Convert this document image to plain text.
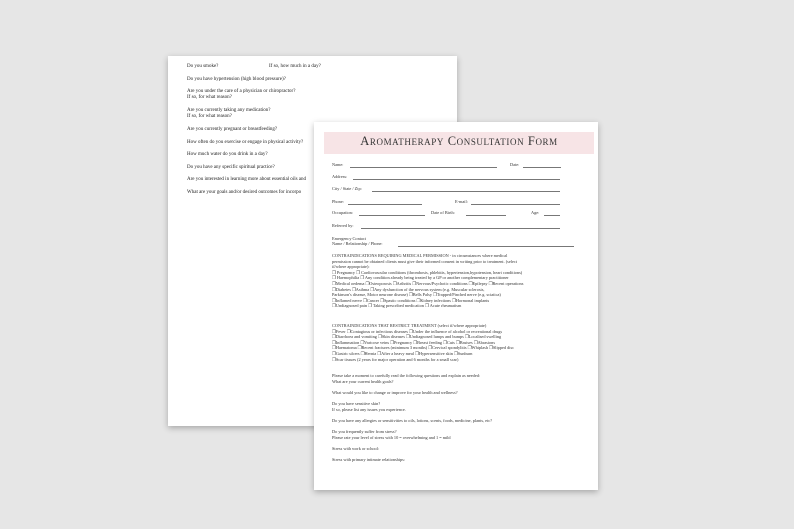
Do you smoke?	If so, how much in a day?
Do you have hypertension (high blood pressure)?
Are you under the care of a physician or chiropractor?
If so, for what reason?
Are you currently taking any medication?
If so, for what reason?
Are you currently pregnant or breastfeeding?
How often do you exercise or engage in physical activity?
How much water do you drink in a day?
Do you have any specific spiritual practice?
Are you interested in learning more about essential oils and
What are your goals and/or desired outcomes for incorpo
Aromatherapy Consultation Form
Name:	Date:
Address:
City / State / Zip:
Phone:	E-mail:
Occupation:	Date of Birth:	Age:
Referred by:
Emergency Contact
Name / Relationship / Phone:
CONTRAINDICATIONS REQUIRING MEDICAL PERMISSION - in circumstances where medical
permission cannot be obtained clients must give their informed consent in writing prior to treatment. (select
if/where appropriate):
❐ Pregnancy ❐ Cardiovascular conditions (thrombosis, phlebitis, hypertension,hypotension, heart conditions)
❐ Haemophilia ❐ Any condition already being treated by a GP or another complementary practitioner
❐Medical oedema ❐Osteoporosis ❐Arthritis ❐Nervous/Psychotic conditions ❐Epilepsy ❐Recent operations
❐Diabetes ❐Asthma ❐Any dysfunction of the nervous system (e.g. Muscular sclerosis,
Parkinson's disease, Motor neurone disease) ❐Bells Palsy ❐Trapped/Pinched nerve (e.g. sciatica)
❐Inflamed nerve ❐Cancer ❐Spastic conditions ❐Kidney infections ❐Hormonal implants
❐Undiagnosed pain ❐ Taking prescribed medication ❐ Acute rheumatism
CONTRAINDICATIONS THAT RESTRICT TREATMENT (select if/where appropriate)
❐Fever ❐Contagious or infectious diseases ❐Under the influence of alcohol or recreational drugs
❐Diarrhoea and vomiting ❐Skin diseases ❐Undiagnosed lumps and bumps ❐Localised swelling
❐Inflammation ❐Varicose veins ❐Pregnancy ❐Breast feeding ❐Cuts ❐Bruises ❐Abrasions
❐Haematoma ❐Recent fractures (minimum 3 months) ❐Cervical spondylitis ❐Whiplash ❐Slipped disc
❐Gastric ulcers ❐Hernia ❐After a heavy meal ❐Hypersensitive skin ❐Sunburn
❐Scar tissues (2 years for major operation and 6 months for a small scar)
Please take a moment to carefully read the following questions and explain as needed:
What are your current health goals?
What would you like to change or improve for your health and wellness?
Do you have sensitive skin?
If so, please list any issues you experience.
Do you have any allergies or sensitivities to oils, lotions, scents, foods, medicine, plants, etc?
Do you frequently suffer from stress?
Please rate your level of stress with 10 = overwhelming and 1 = mild
Stress with work or school:
Stress with primary intimate relationships:
